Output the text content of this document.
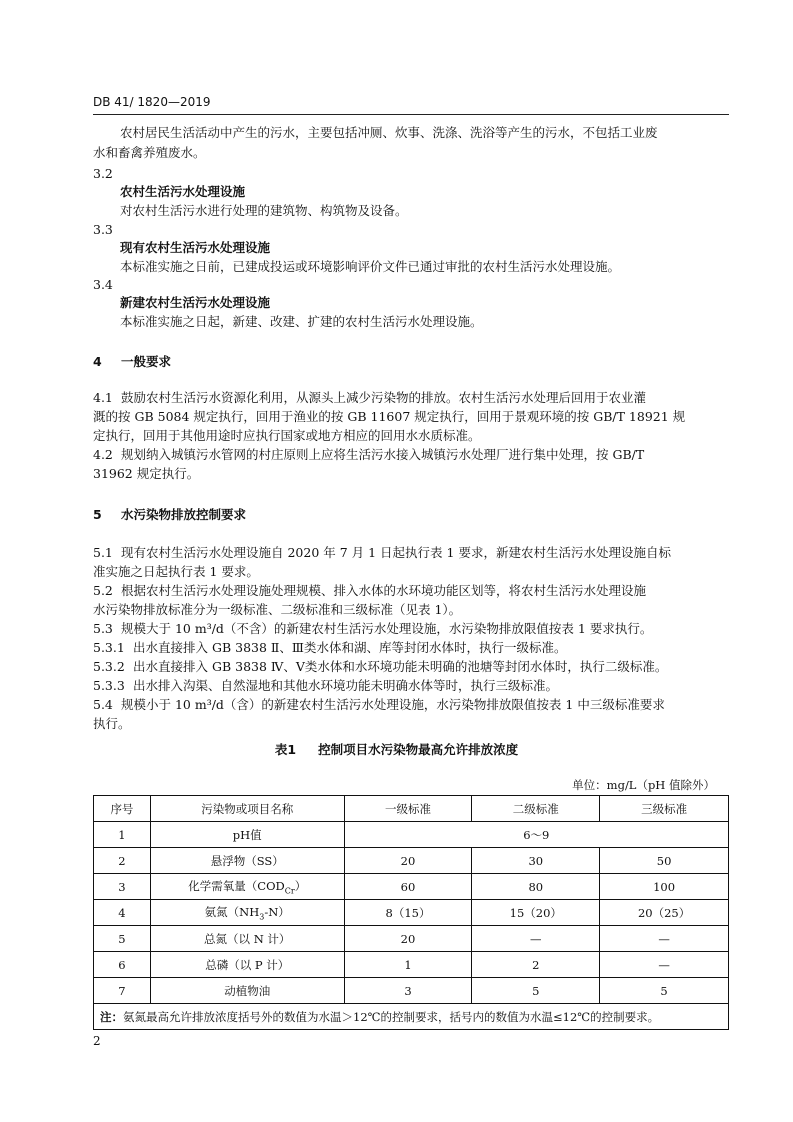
DB 41/ 1820—2019
农村居民生活活动中产生的污水，主要包括冲厕、炊事、洗涤、洗浴等产生的污水，不包括工业废
水和畜禽养殖废水。
3.2
农村生活污水处理设施
对农村生活污水进行处理的建筑物、构筑物及设备。
3.3
现有农村生活污水处理设施
本标准实施之日前，已建成投运或环境影响评价文件已通过审批的农村生活污水处理设施。
3.4
新建农村生活污水处理设施
本标准实施之日起，新建、改建、扩建的农村生活污水处理设施。
4 一般要求
4.1 鼓励农村生活污水资源化利用，从源头上减少污染物的排放。农村生活污水处理后回用于农业灌
溉的按 GB 5084 规定执行，回用于渔业的按 GB 11607 规定执行，回用于景观环境的按 GB/T 18921 规
定执行，回用于其他用途时应执行国家或地方相应的回用水水质标准。
4.2 规划纳入城镇污水管网的村庄原则上应将生活污水接入城镇污水处理厂进行集中处理，按 GB/T
31962 规定执行。
5 水污染物排放控制要求
5.1 现有农村生活污水处理设施自 2020 年 7 月 1 日起执行表 1 要求，新建农村生活污水处理设施自标
准实施之日起执行表 1 要求。
5.2 根据农村生活污水处理设施处理规模、排入水体的水环境功能区划等，将农村生活污水处理设施
水污染物排放标准分为一级标准、二级标准和三级标准（见表 1）。
5.3 规模大于 10 m³/d（不含）的新建农村生活污水处理设施，水污染物排放限值按表 1 要求执行。
5.3.1 出水直接排入 GB 3838 Ⅱ、Ⅲ类水体和湖、库等封闭水体时，执行一级标准。
5.3.2 出水直接排入 GB 3838 Ⅳ、Ⅴ类水体和水环境功能未明确的池塘等封闭水体时，执行二级标准。
5.3.3 出水排入沟渠、自然湿地和其他水环境功能未明确水体等时，执行三级标准。
5.4 规模小于 10 m³/d（含）的新建农村生活污水处理设施，水污染物排放限值按表 1 中三级标准要求
执行。
表1 控制项目水污染物最高允许排放浓度
单位：mg/L（pH 值除外）
序号	污染物或项目名称	一级标准	二级标准	三级标准
1	pH值	6～9		
2	悬浮物（SS）	20	30	50
3	化学需氧量$(COD_{Cr})$	60	80	100
4	氨氮$(NH_3-N)$	8（15）	15（20）	20（25）
5	总氮（以 N 计）	20	—	—
6	总磷（以 P 计）	1	2	—
7	动植物油	3	5	5
注：氨氮最高允许排放浓度括号外的数值为水温＞12℃的控制要求，括号内的数值为水温≤12℃的控制要求。				
2
